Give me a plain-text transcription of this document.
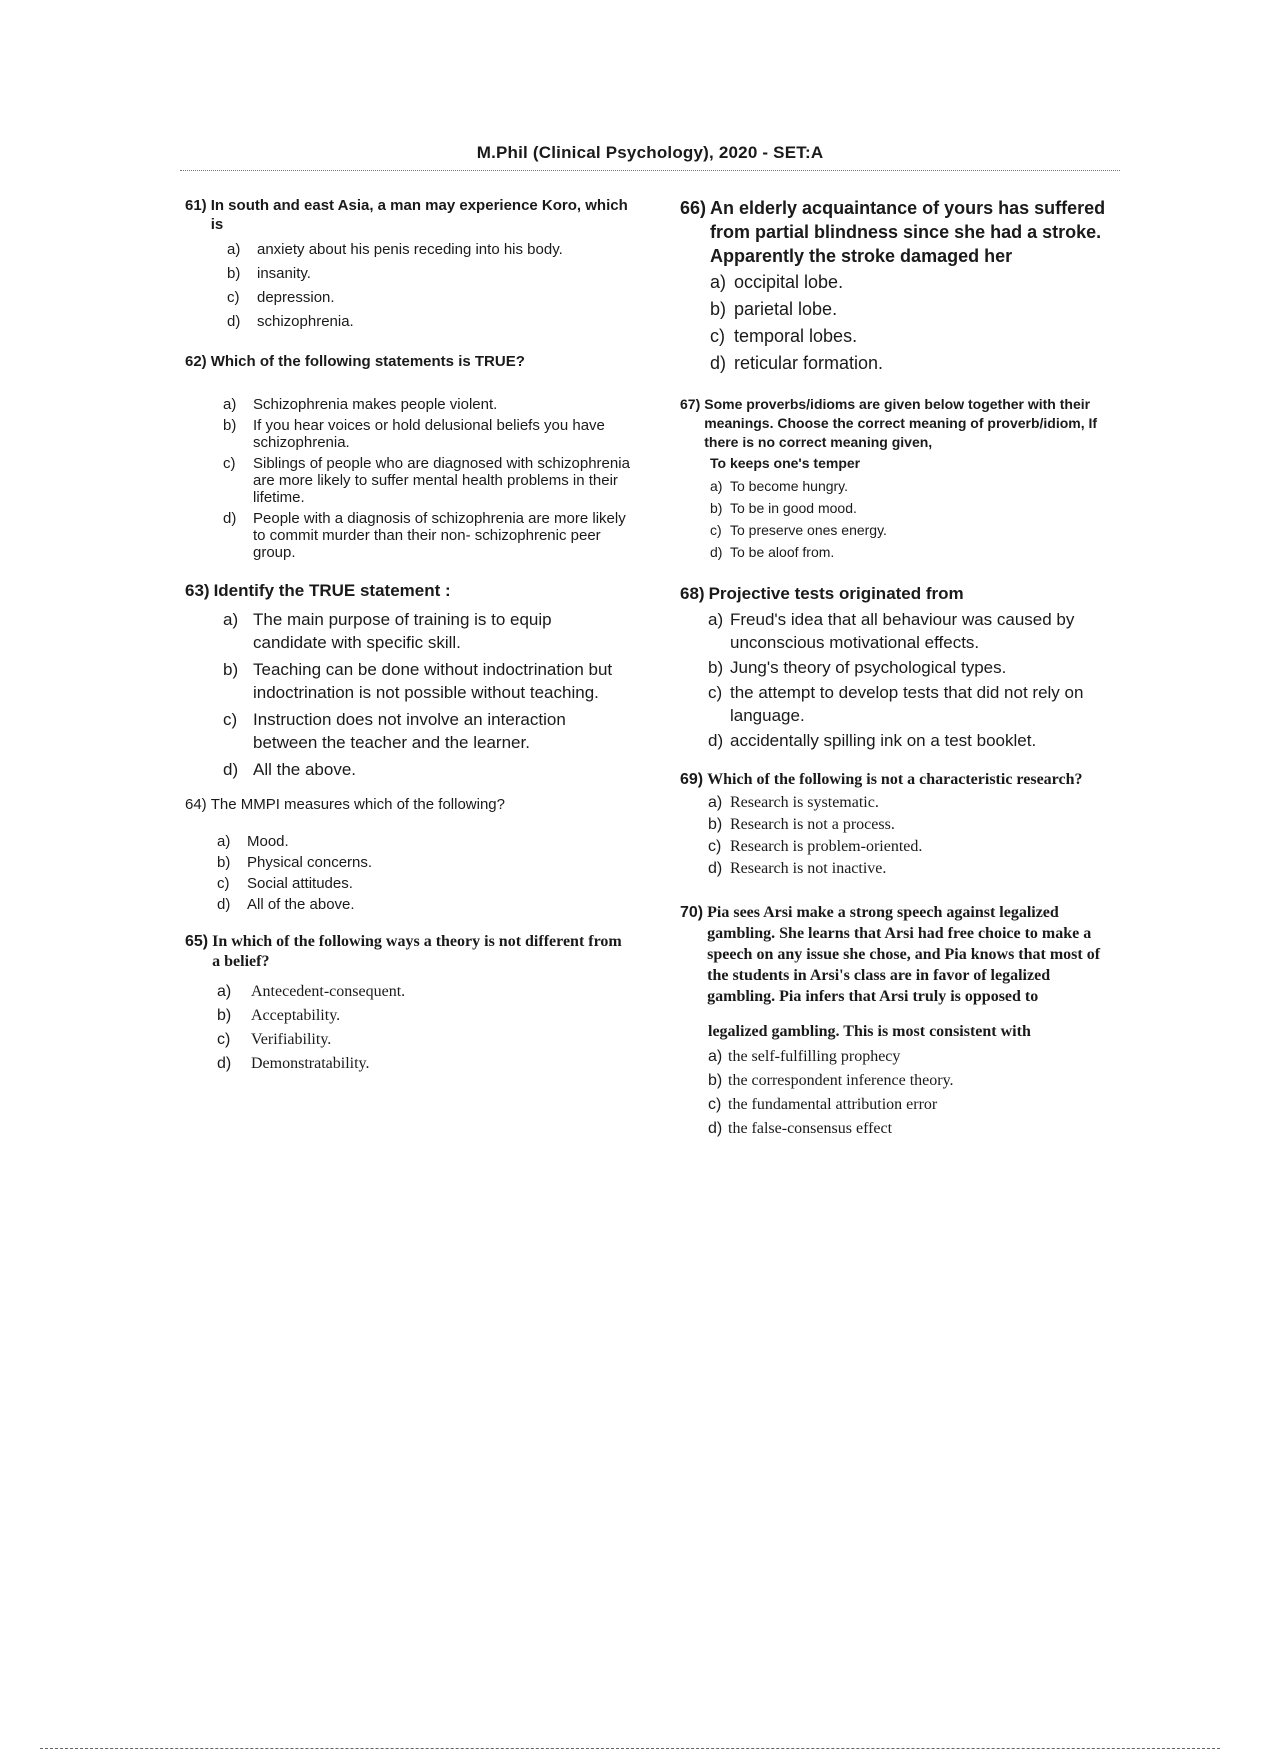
M.Phil (Clinical Psychology), 2020 - SET:A
61) In south and east Asia, a man may experience Koro, which is
a)	anxiety about his penis receding into his body.
b)	insanity.
c)	depression.
d)	schizophrenia.
62) Which of the following statements is TRUE?
a)	Schizophrenia makes people violent.
b)	If you hear voices or hold delusional beliefs you have schizophrenia.
c)	Siblings of people who are diagnosed with schizophrenia are more likely to suffer mental health problems in their lifetime.
d)	People with a diagnosis of schizophrenia are more likely to commit murder than their non- schizophrenic peer group.
63) Identify the TRUE statement :
a) The main purpose of training is to equip candidate with specific skill.
b) Teaching can be done without indoctrination but indoctrination is not possible without teaching.
c) Instruction does not involve an interaction between the teacher and the learner.
d) All the above.
64) The MMPI measures which of the following?
a)	Mood.
b)	Physical concerns.
c)	Social attitudes.
d)	All of the above.
65) In which of the following ways a theory is not different from a belief?
a)	Antecedent-consequent.
b)	Acceptability.
c)	Verifiability.
d)	Demonstratability.
66) An elderly acquaintance of yours has suffered from partial blindness since she had a stroke. Apparently the stroke damaged her
a) occipital lobe.
b) parietal lobe.
c) temporal lobes.
d) reticular formation.
67) Some proverbs/idioms are given below together with their meanings. Choose the correct meaning of proverb/idiom, If there is no correct meaning given,
To keeps one's temper
a) To become hungry.
b) To be in good mood.
c) To preserve ones energy.
d) To be aloof from.
68) Projective tests originated from
a) Freud's idea that all behaviour was caused by unconscious motivational effects.
b) Jung's theory of psychological types.
c) the attempt to develop tests that did not rely on language.
d) accidentally spilling ink on a test booklet.
69) Which of the following is not a characteristic research?
a) Research is systematic.
b) Research is not a process.
c) Research is problem-oriented.
d) Research is not inactive.
70) Pia sees Arsi make a strong speech against legalized gambling. She learns that Arsi had free choice to make a speech on any issue she chose, and Pia knows that most of the students in Arsi's class are in favor of legalized gambling. Pia infers that Arsi truly is opposed to
legalized gambling. This is most consistent with
a) the self-fulfilling prophecy
b) the correspondent inference theory.
c) the fundamental attribution error
d) the false-consensus effect
